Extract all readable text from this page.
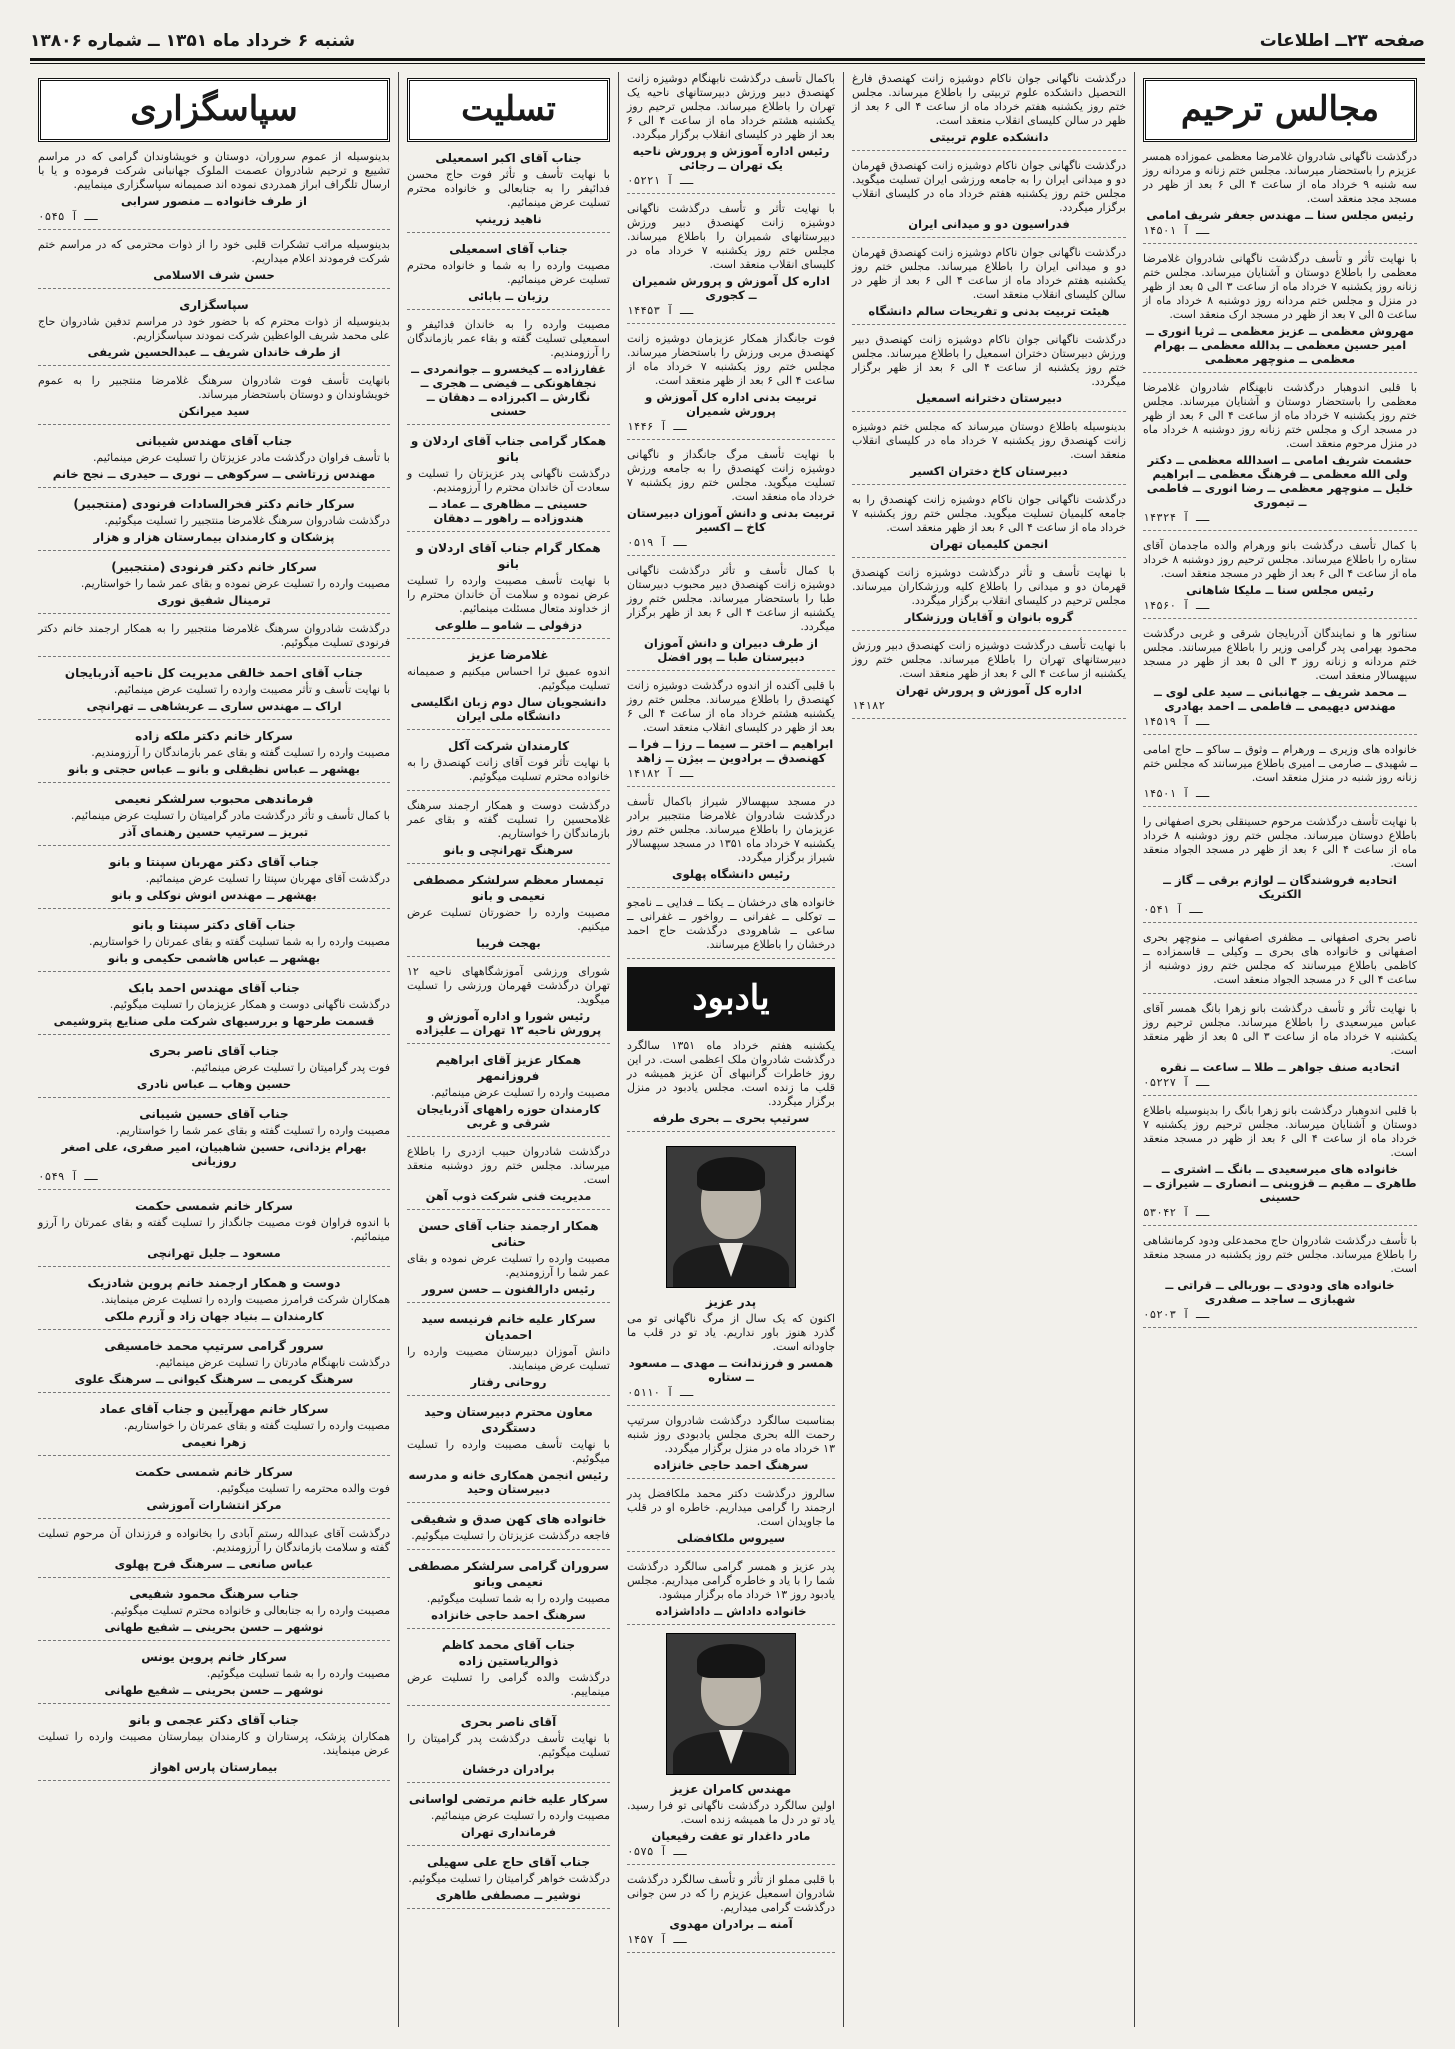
صفحه ۲۳ــ اطلاعات
شنبه ۶ خرداد ماه ۱۳۵۱ ــ شماره ۱۳۸۰۶
مجالس ترحیم
درگذشت ناگهانی شادروان غلامرضا معظمی عموزاده همسر عزیزم را باستحضار میرساند. مجلس ختم زنانه و مردانه روز سه شنبه ۹ خرداد ماه از ساعت ۴ الی ۶ بعد از ظهر در مسجد مجد منعقد است.
رئیس مجلس سنا ــ مهندس جعفر شریف امامی
۱۴۵۰۱ ــ آ
با نهایت تأثر و تأسف درگذشت ناگهانی شادروان غلامرضا معظمی را باطلاع دوستان و آشنایان میرساند. مجلس ختم زنانه روز یکشنبه ۷ خرداد ماه از ساعت ۳ الی ۵ بعد از ظهر در منزل و مجلس ختم مردانه روز دوشنبه ۸ خرداد ماه از ساعت ۵ الی ۷ بعد از ظهر در مسجد ارک منعقد است.
مهروش معظمی ــ عزیز معظمی ــ ثریا انوری ــ امیر حسین معظمی ــ بدالله معظمی ــ بهرام معظمی ــ منوچهر معظمی
با قلبی اندوهبار درگذشت نابهنگام شادروان غلامرضا معظمی را باستحضار دوستان و آشنایان میرساند. مجلس ختم روز یکشنبه ۷ خرداد ماه از ساعت ۴ الی ۶ بعد از ظهر در مسجد ارک و مجلس ختم زنانه روز دوشنبه ۸ خرداد ماه در منزل مرحوم منعقد است.
حشمت شریف امامی ــ اسدالله معظمی ــ دکتر ولی الله معظمی ــ فرهنگ معظمی ــ ابراهیم خلیل ــ منوچهر معظمی ــ رضا انوری ــ فاطمی ــ تیموری
۱۴۳۲۴ ــ آ
با کمال تأسف درگذشت بانو ورهرام والده ماجدمان آقای ستاره را باطلاع میرساند. مجلس ترحیم روز دوشنبه ۸ خرداد ماه از ساعت ۴ الی ۶ بعد از ظهر در مسجد منعقد است.
رئیس مجلس سنا ــ ملیکا شاهانی
۱۴۵۶۰ ــ آ
سناتور ها و نمایندگان آذربایجان شرقی و غربی درگذشت محمود بهرامی پدر گرامی وزیر را باطلاع میرسانند. مجلس ختم مردانه و زنانه روز ۳ الی ۵ بعد از ظهر در مسجد سپهسالار منعقد است.
ــ محمد شریف ــ جهانبانی ــ سید علی لوی ــ مهندس دیهیمی ــ فاطمی ــ احمد بهادری
۱۴۵۱۹ ــ آ
خانواده های وزیری ــ ورهرام ــ وثوق ــ ساکو ــ حاج امامی ــ شهیدی ــ صارمی ــ امیری باطلاع میرسانند که مجلس ختم زنانه روز شنبه در منزل منعقد است.
۱۴۵۰۱ ــ آ
با نهایت تأسف درگذشت مرحوم حسینقلی بحری اصفهانی را باطلاع دوستان میرساند. مجلس ختم روز دوشنبه ۸ خرداد ماه از ساعت ۴ الی ۶ بعد از ظهر در مسجد الجواد منعقد است.
اتحادیه فروشندگان ــ لوازم برقی ــ گاز ــ الکتریک
۰۵۴۱ ــ آ
ناصر بحری اصفهانی ــ مظفری اصفهانی ــ منوچهر بحری اصفهانی و خانواده های بحری ــ وکیلی ــ قاسمزاده ــ کاظمی باطلاع میرسانند که مجلس ختم روز دوشنبه از ساعت ۴ الی ۶ در مسجد الجواد منعقد است.
با نهایت تأثر و تأسف درگذشت بانو زهرا بانگ همسر آقای عباس میرسعیدی را باطلاع میرساند. مجلس ترحیم روز یکشنبه ۷ خرداد ماه از ساعت ۳ الی ۵ بعد از ظهر منعقد است.
اتحادیه صنف جواهر ــ طلا ــ ساعت ــ نقره
۰۵۲۲۷ ــ آ
با قلبی اندوهبار درگذشت بانو زهرا بانگ را بدینوسیله باطلاع دوستان و آشنایان میرساند. مجلس ترحیم روز یکشنبه ۷ خرداد ماه از ساعت ۴ الی ۶ بعد از ظهر در مسجد منعقد است.
خانواده های میرسعیدی ــ بانگ ــ اشتری ــ طاهری ــ مقیم ــ قزوینی ــ انصاری ــ شیرازی ــ حسینی
۵۳۰۴۲ ــ آ
با تأسف درگذشت شادروان حاج محمدعلی ودود کرمانشاهی را باطلاع میرساند. مجلس ختم روز یکشنبه در مسجد منعقد است.
خانواده های ودودی ــ بوربالی ــ قراتی ــ شهبازی ــ ساجد ــ صفدری
۰۵۲۰۳ ــ آ
درگذشت ناگهانی جوان ناکام دوشیزه زانت کهنصدق فارغ التحصیل دانشکده علوم تربیتی را باطلاع میرساند. مجلس ختم روز یکشنبه هفتم خرداد ماه از ساعت ۴ الی ۶ بعد از ظهر در سالن کلیسای انقلاب منعقد است.
دانشکده علوم تربیتی
درگذشت ناگهانی جوان ناکام دوشیزه زانت کهنصدق قهرمان دو و میدانی ایران را به جامعه ورزشی ایران تسلیت میگوید. مجلس ختم روز یکشنبه هفتم خرداد ماه در کلیسای انقلاب برگزار میگردد.
فدراسیون دو و میدانی ایران
درگذشت ناگهانی جوان ناکام دوشیزه زانت کهنصدق قهرمان دو و میدانی ایران را باطلاع میرساند. مجلس ختم روز یکشنبه هفتم خرداد ماه از ساعت ۴ الی ۶ بعد از ظهر در سالن کلیسای انقلاب منعقد است.
هیئت تربیت بدنی و تفریحات سالم دانشگاه
درگذشت ناگهانی جوان ناکام دوشیزه زانت کهنصدق دبیر ورزش دبیرستان دختران اسمعیل را باطلاع میرساند. مجلس ختم روز یکشنبه از ساعت ۴ الی ۶ بعد از ظهر برگزار میگردد.
دبیرستان دخترانه اسمعیل
بدینوسیله باطلاع دوستان میرساند که مجلس ختم دوشیزه زانت کهنصدق روز یکشنبه ۷ خرداد ماه در کلیسای انقلاب منعقد است.
دبیرستان کاخ دختران اکسیر
درگذشت ناگهانی جوان ناکام دوشیزه زانت کهنصدق را به جامعه کلیمیان تسلیت میگوید. مجلس ختم روز یکشنبه ۷ خرداد ماه از ساعت ۴ الی ۶ بعد از ظهر منعقد است.
انجمن کلیمیان تهران
با نهایت تأسف و تأثر درگذشت دوشیزه زانت کهنصدق قهرمان دو و میدانی را باطلاع کلیه ورزشکاران میرساند. مجلس ترحیم در کلیسای انقلاب برگزار میگردد.
گروه بانوان و آقایان ورزشکار
با نهایت تأسف درگذشت دوشیزه زانت کهنصدق دبیر ورزش دبیرستانهای تهران را باطلاع میرساند. مجلس ختم روز یکشنبه از ساعت ۴ الی ۶ بعد از ظهر منعقد است.
اداره کل آموزش و پرورش تهران
۱۴۱۸۲
باکمال تأسف درگذشت نابهنگام دوشیزه زانت کهنصدق دبیر ورزش دبیرستانهای ناحیه یک تهران را باطلاع میرساند. مجلس ترحیم روز یکشنبه هشتم خرداد ماه از ساعت ۴ الی ۶ بعد از ظهر در کلیسای انقلاب برگزار میگردد.
رئیس اداره آموزش و پرورش ناحیه یک تهران ــ رجائی
۰۵۲۲۱ ــ آ
با نهایت تأثر و تأسف درگذشت ناگهانی دوشیزه زانت کهنصدق دبیر ورزش دبیرستانهای شمیران را باطلاع میرساند. مجلس ختم روز یکشنبه ۷ خرداد ماه در کلیسای انقلاب منعقد است.
اداره کل آموزش و پرورش شمیران ــ کجوری
۱۴۴۵۳ ــ آ
فوت جانگداز همکار عزیزمان دوشیزه زانت کهنصدق مربی ورزش را باستحضار میرساند. مجلس ختم روز یکشنبه ۷ خرداد ماه از ساعت ۴ الی ۶ بعد از ظهر منعقد است.
تربیت بدنی اداره کل آموزش و پرورش شمیران
۱۴۴۶ ــ آ
با نهایت تأسف مرگ جانگداز و ناگهانی دوشیزه زانت کهنصدق را به جامعه ورزش تسلیت میگوید. مجلس ختم روز یکشنبه ۷ خرداد ماه منعقد است.
تربیت بدنی و دانش آموزان دبیرستان کاخ ــ اکسیر
۰۵۱۹ ــ آ
با کمال تأسف و تأثر درگذشت ناگهانی دوشیزه زانت کهنصدق دبیر محبوب دبیرستان طبا را باستحضار میرساند. مجلس ختم روز یکشنبه از ساعت ۴ الی ۶ بعد از ظهر برگزار میگردد.
از طرف دبیران و دانش آموزان دبیرستان طبا ــ پور افضل
با قلبی آکنده از اندوه درگذشت دوشیزه زانت کهنصدق را باطلاع میرساند. مجلس ختم روز یکشنبه هشتم خرداد ماه از ساعت ۴ الی ۶ بعد از ظهر در کلیسای انقلاب منعقد است.
ابراهیم ــ اختر ــ سیما ــ رزا ــ فرا ــ کهنصدق ــ برادوین ــ بیژن ــ زاهد
۱۴۱۸۲ ــ آ
در مسجد سپهسالار شیراز باکمال تأسف درگذشت شادروان غلامرضا منتجبیر برادر عزیزمان را باطلاع میرساند. مجلس ختم روز یکشنبه ۷ خرداد ماه ۱۳۵۱ در مسجد سپهسالار شیراز برگزار میگردد.
رئیس دانشگاه پهلوی
خانواده های درخشان ــ یکتا ــ فدایی ــ نامجو ــ توکلی ــ غفرانی ــ رواخور ــ غفرانی ــ ساعی ــ شاهرودی درگذشت حاج احمد درخشان را باطلاع میرسانند.
یادبود
یکشنبه هفتم خرداد ماه ۱۳۵۱ سالگرد درگذشت شادروان ملک اعظمی است. در این روز خاطرات گرانبهای آن عزیز همیشه در قلب ما زنده است. مجلس یادبود در منزل برگزار میگردد.
سرتیپ بحری ــ بحری طرفه
پدر عزیز
اکنون که یک سال از مرگ ناگهانی تو می گذرد هنوز باور نداریم. یاد تو در قلب ما جاودانه است.
همسر و فرزندانت ــ مهدی ــ مسعود ــ ستاره
۰۵۱۱۰ ــ آ
بمناسبت سالگرد درگذشت شادروان سرتیپ رحمت الله بحری مجلس یادبودی روز شنبه ۱۳ خرداد ماه در منزل برگزار میگردد.
سرهنگ احمد حاجی خانزاده
سالروز درگذشت دکتر محمد ملکافضل پدر ارجمند را گرامی میداریم. خاطره او در قلب ما جاویدان است.
سیروس ملکافضلی
پدر عزیز و همسر گرامی سالگرد درگذشت شما را با یاد و خاطره گرامی میداریم. مجلس یادبود روز ۱۳ خرداد ماه برگزار میشود.
خانواده داداش ــ داداشزاده
مهندس کامران عزیز
اولین سالگرد درگذشت ناگهانی تو فرا رسید. یاد تو در دل ما همیشه زنده است.
مادر داغدار تو عفت رفیعیان
۰۵۷۵ ــ آ
با قلبی مملو از تأثر و تأسف سالگرد درگذشت شادروان اسمعیل عزیزم را که در سن جوانی درگذشت گرامی میداریم.
آمنه ــ برادران مهدوی
۱۴۵۷ ــ آ
تسلیت
جناب آقای اکبر اسمعیلی
با نهایت تأسف و تأثر فوت حاج محسن فدائیفر را به جنابعالی و خانواده محترم تسلیت عرض مینمائیم.
ناهید زرینپ
جناب آقای اسمعیلی
مصیبت وارده را به شما و خانواده محترم تسلیت عرض مینمائیم.
رزبان ــ بابائی
مصیبت وارده را به خاندان فدائیفر و اسمعیلی تسلیت گفته و بقاء عمر بازماندگان را آرزومندیم.
غفارزاده ــ کیخسرو ــ جوانمردی ــ نجفاهونکی ــ فیضی ــ هجری ــ نگارش ــ اکبرزاده ــ دهقان ــ حسنی
همکار گرامی جناب آقای اردلان و بانو
درگذشت ناگهانی پدر عزیزتان را تسلیت و سعادت آن خاندان محترم را آرزومندیم.
حسینی ــ مظاهری ــ عماد ــ هندوزاده ــ راهور ــ دهقان
همکار گرام جناب آقای اردلان و بانو
با نهایت تأسف مصیبت وارده را تسلیت عرض نموده و سلامت آن خاندان محترم را از خداوند متعال مسئلت مینمائیم.
دزفولی ــ شامو ــ طلوعی
غلامرضا عزیز
اندوه عمیق ترا احساس میکنیم و صمیمانه تسلیت میگوئیم.
دانشجویان سال دوم زبان انگلیسی دانشگاه ملی ایران
کارمندان شرکت آکل
با نهایت تأثر فوت آقای زانت کهنصدق را به خانواده محترم تسلیت میگوئیم.
درگذشت دوست و همکار ارجمند سرهنگ غلامحسین را تسلیت گفته و بقای عمر بازماندگان را خواستاریم.
سرهنگ تهرانچی و بانو
تیمسار معظم سرلشکر مصطفی نعیمی و بانو
مصیبت وارده را حضورتان تسلیت عرض میکنیم.
بهجت فریبا
شورای ورزشی آموزشگاههای ناحیه ۱۲ تهران درگذشت قهرمان ورزشی را تسلیت میگوید.
رئیس شورا و اداره آموزش و پرورش ناحیه ۱۳ تهران ــ علیزاده
همکار عزیز آقای ابراهیم فروزانمهر
مصیبت وارده را تسلیت عرض مینمائیم.
کارمندان حوزه راههای آذربایجان شرقی و غربی
درگذشت شادروان حبیب ازدری را باطلاع میرساند. مجلس ختم روز دوشنبه منعقد است.
مدیریت فنی شرکت ذوب آهن
همکار ارجمند جناب آقای حسن حنانی
مصیبت وارده را تسلیت عرض نموده و بقای عمر شما را آرزومندیم.
رئیس دارالفنون ــ حسن سرور
سرکار علیه خانم فرنیسه سید احمدیان
دانش آموزان دبیرستان مصیبت وارده را تسلیت عرض مینمایند.
روحانی رفتار
معاون محترم دبیرستان وحید دستگردی
با نهایت تأسف مصیبت وارده را تسلیت میگوئیم.
رئیس انجمن همکاری خانه و مدرسه دبیرستان وحید
خانواده های کهن صدق و شفیقی
فاجعه درگذشت عزیزتان را تسلیت میگوئیم.
سروران گرامی سرلشکر مصطفی نعیمی وبانو
مصیبت وارده را به شما تسلیت میگوئیم.
سرهنگ احمد حاجی خانزاده
جناب آقای محمد کاظم ذوالریاستین زاده
درگذشت والده گرامی را تسلیت عرض مینماییم.
آقای ناصر بحری
با نهایت تأسف درگذشت پدر گرامیتان را تسلیت میگوئیم.
برادران درخشان
سرکار علیه خانم مرتضی لواسانی
مصیبت وارده را تسلیت عرض مینمائیم.
فرمانداری تهران
جناب آقای حاج علی سهیلی
درگذشت خواهر گرامیتان را تسلیت میگوئیم.
نوشیر ــ مصطفی طاهری
سپاسگزاری
بدینوسیله از عموم سروران، دوستان و خویشاوندان گرامی که در مراسم تشییع و ترحیم شادروان عصمت الملوک جهانبانی شرکت فرموده و یا با ارسال تلگراف ابراز همدردی نموده اند صمیمانه سپاسگزاری مینماییم.
از طرف خانواده ــ منصور سرابی
۰۵۴۵ ــ آ
بدینوسیله مراتب تشکرات قلبی خود را از ذوات محترمی که در مراسم ختم شرکت فرمودند اعلام میداریم.
حسن شرف الاسلامی
سپاسگزاری
بدینوسیله از ذوات محترم که با حضور خود در مراسم تدفین شادروان حاج علی محمد شریف الواعظین شرکت نمودند سپاسگزاریم.
از طرف خاندان شریف ــ عبدالحسین شریفی
بانهایت تأسف فوت شادروان سرهنگ غلامرضا منتجبیر را به عموم خویشاوندان و دوستان باستحضار میرساند.
سید میرانکن
جناب آقای مهندس شیبانی
با تأسف فراوان درگذشت مادر عزیزتان را تسلیت عرض مینمائیم.
مهندس زرتاشی ــ سرکوهی ــ نوری ــ حیدری ــ نجح خانم
سرکار خانم دکتر فخرالسادات فرنودی (منتجبیر)
درگذشت شادروان سرهنگ غلامرضا منتجبیر را تسلیت میگوئیم.
پزشکان و کارمندان بیمارستان هزار و هزار
سرکار خانم دکتر فرنودی (منتجبیر)
مصیبت وارده را تسلیت عرض نموده و بقای عمر شما را خواستاریم.
ترمینال شفیق نوری
درگذشت شادروان سرهنگ غلامرضا منتجبیر را به همکار ارجمند خانم دکتر فرنودی تسلیت میگوئیم.
جناب آقای احمد خالقی مدیریت کل ناحیه آذربایجان
با نهایت تأسف و تأثر مصیبت وارده را تسلیت عرض مینمائیم.
اراک ــ مهندس ساری ــ عربشاهی ــ تهرانچی
سرکار خانم دکتر ملکه زاده
مصیبت وارده را تسلیت گفته و بقای عمر بازماندگان را آرزومندیم.
بهشهر ــ عباس نظیقلی و بانو ــ عباس حجتی و بانو
فرماندهی محبوب سرلشکر نعیمی
با کمال تأسف و تأثر درگذشت مادر گرامیتان را تسلیت عرض مینمائیم.
تبریز ــ سرتیپ حسین رهنمای آذر
جناب آقای دکتر مهربان سپنتا و بانو
درگذشت آقای مهربان سپنتا را تسلیت عرض مینمائیم.
بهشهر ــ مهندس انوش نوکلی و بانو
جناب آقای دکتر سپنتا و بانو
مصیبت وارده را به شما تسلیت گفته و بقای عمرتان را خواستاریم.
بهشهر ــ عباس هاشمی حکیمی و بانو
جناب آقای مهندس احمد بابک
درگذشت ناگهانی دوست و همکار عزیزمان را تسلیت میگوئیم.
قسمت طرحها و بررسیهای شرکت ملی صنایع پتروشیمی
جناب آقای ناصر بحری
فوت پدر گرامیتان را تسلیت عرض مینمائیم.
حسین وهاب ــ عباس نادری
جناب آقای حسین شیبانی
مصیبت وارده را تسلیت گفته و بقای عمر شما را خواستاریم.
بهرام یزدانی، حسین شاهبیان، امیر صفری، علی اصغر روزبانی
۰۵۴۹ ــ آ
سرکار خانم شمسی حکمت
با اندوه فراوان فوت مصیبت جانگداز را تسلیت گفته و بقای عمرتان را آرزو مینمائیم.
مسعود ــ جلیل تهرانچی
دوست و همکار ارجمند خانم پروین شادزیک
همکاران شرکت فرامرز مصیبت وارده را تسلیت عرض مینمایند.
کارمندان ــ بنیاد جهان زاد و آزرم ملکی
سرور گرامی سرتیپ محمد خامسیقی
درگذشت نابهنگام مادرتان را تسلیت عرض مینمائیم.
سرهنگ کریمی ــ سرهنگ کیوانی ــ سرهنگ علوی
سرکار خانم مهرآیین و جناب آقای عماد
مصیبت وارده را تسلیت گفته و بقای عمرتان را خواستاریم.
زهرا نعیمی
سرکار خانم شمسی حکمت
فوت والده محترمه را تسلیت میگوئیم.
مرکز انتشارات آموزشی
درگذشت آقای عبدالله رستم آبادی را بخانواده و فرزندان آن مرحوم تسلیت گفته و سلامت بازماندگان را آرزومندیم.
عباس صانعی ــ سرهنگ فرح پهلوی
جناب سرهنگ محمود شفیعی
مصیبت وارده را به جنابعالی و خانواده محترم تسلیت میگوئیم.
نوشهر ــ حسن بحرینی ــ شفیع طهانی
سرکار خانم پروین یونس
مصیبت وارده را به شما تسلیت میگوئیم.
نوشهر ــ حسن بحرینی ــ شفیع طهانی
جناب آقای دکتر عجمی و بانو
همکاران پزشک، پرستاران و کارمندان بیمارستان مصیبت وارده را تسلیت عرض مینمایند.
بیمارستان پارس اهواز
